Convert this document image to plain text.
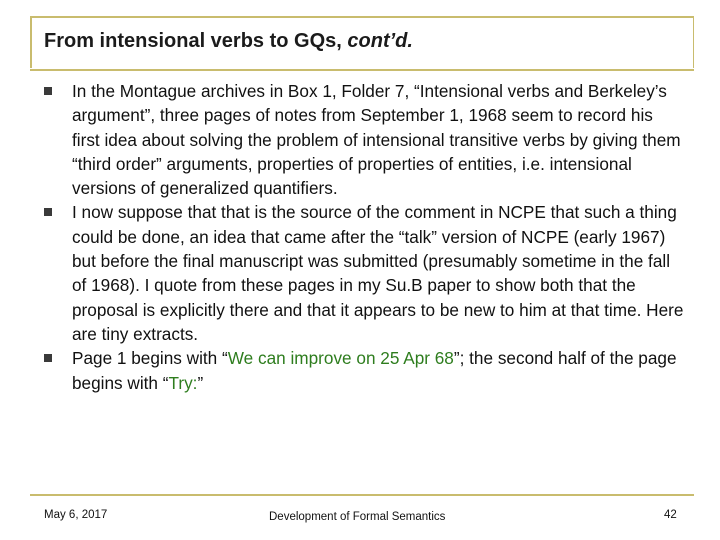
From intensional verbs to GQs, cont’d.
In the Montague archives in Box 1, Folder 7, “Intensional verbs and Berkeley’s argument”, three pages of notes from September 1, 1968 seem to record his first idea about solving the problem of intensional transitive verbs by giving them “third order” arguments, properties of properties of entities, i.e. intensional versions of generalized quantifiers.
I now suppose that that is the source of the comment in NCPE that such a thing could be done, an idea that came after the “talk” version of NCPE (early 1967) but before the final manuscript was submitted (presumably sometime in the fall of 1968). I quote from these pages in my Su.B paper to show both that the proposal is explicitly there and that it appears to be new to him at that time. Here are tiny extracts.
Page 1 begins with “We can improve on 25 Apr 68”; the second half of the page begins with “Try:”
May 6, 2017	Development of Formal Semantics	42
